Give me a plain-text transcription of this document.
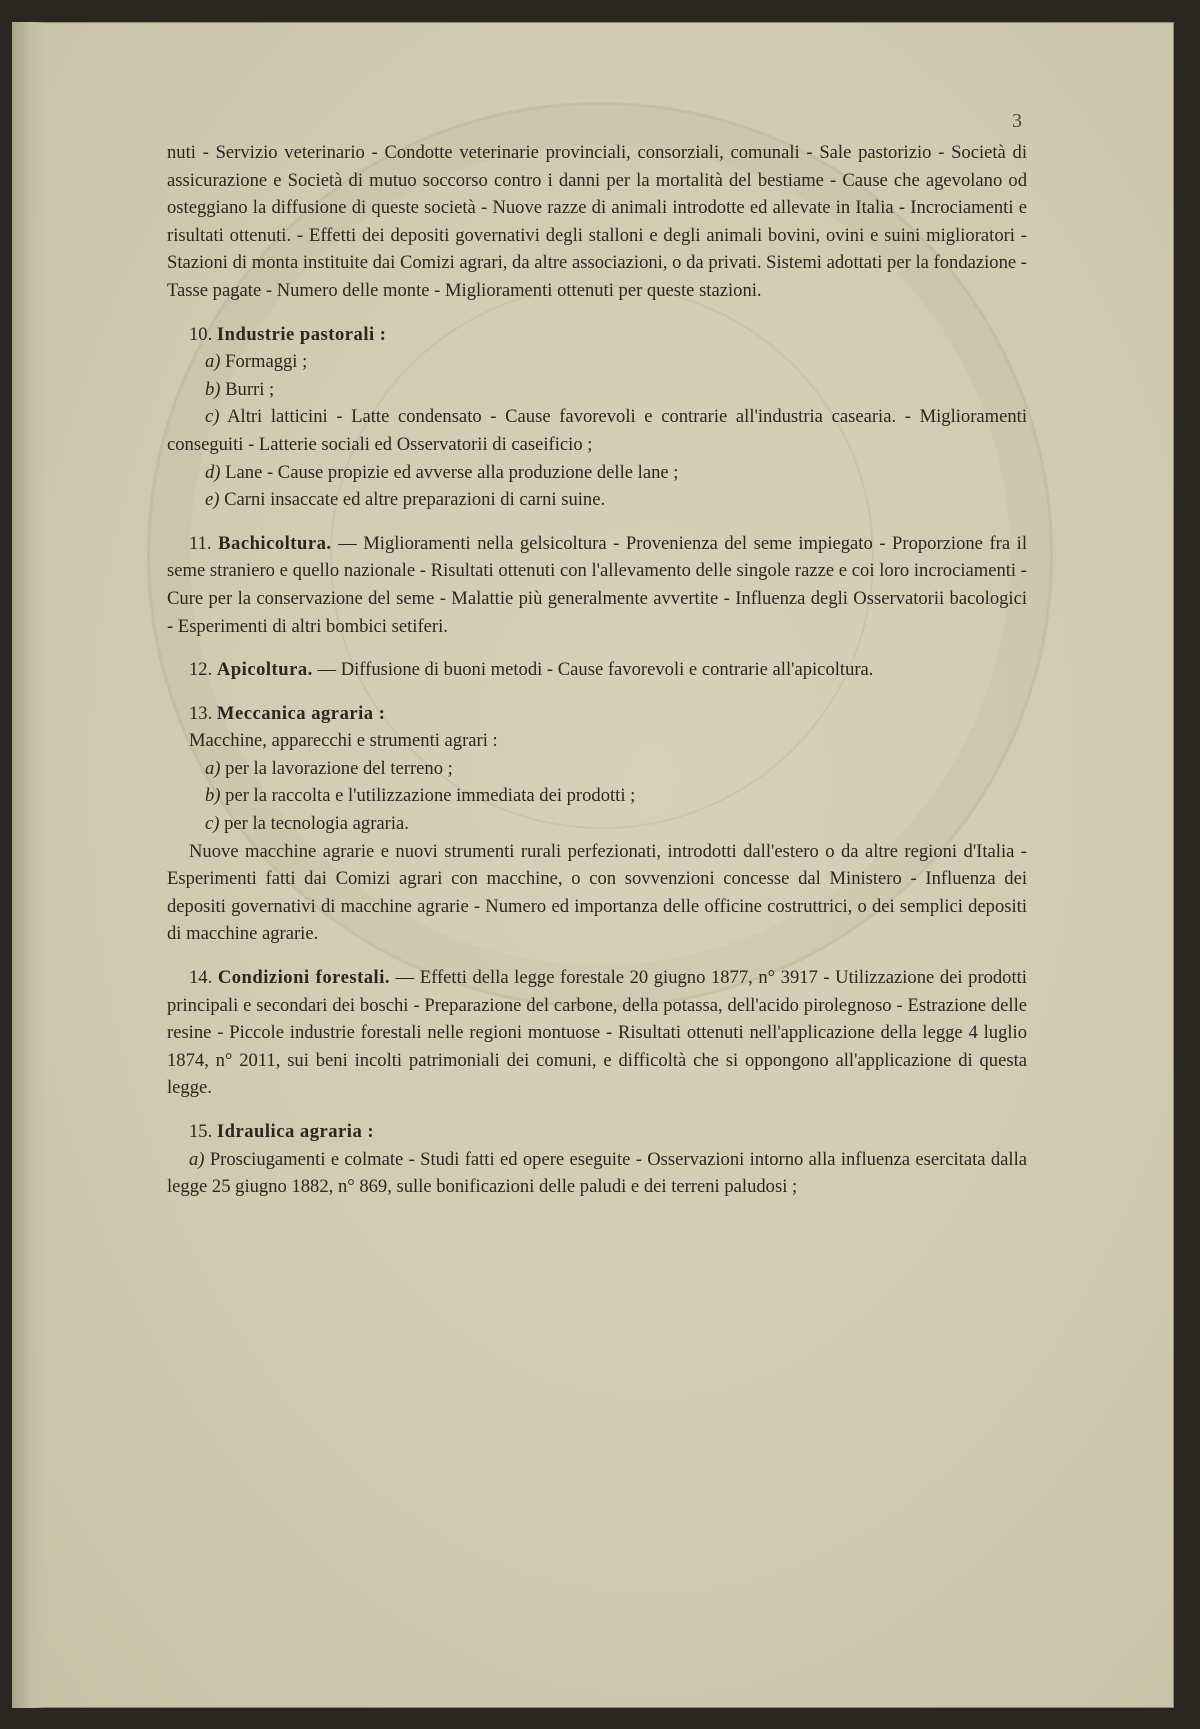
3

nuti - Servizio veterinario - Condotte veterinarie provinciali, consorziali, comunali - Sale pastorizio - Società di assicurazione e Società di mutuo soccorso contro i danni per la mortalità del bestiame - Cause che agevolano od osteggiano la diffusione di queste società - Nuove razze di animali introdotte ed allevate in Italia - Incrociamenti e risultati ottenuti. - Effetti dei depositi governativi degli stalloni e degli animali bovini, ovini e suini miglioratori - Stazioni di monta instituite dai Comizi agrari, da altre associazioni, o da privati. Sistemi adottati per la fondazione - Tasse pagate - Numero delle monte - Miglioramenti ottenuti per queste stazioni.

10. Industrie pastorali :

a) Formaggi ;

b) Burri ;

c) Altri latticini - Latte condensato - Cause favorevoli e contrarie all'industria casearia. - Miglioramenti conseguiti - Latterie sociali ed Osservatorii di caseificio ;

d) Lane - Cause propizie ed avverse alla produzione delle lane ;

e) Carni insaccate ed altre preparazioni di carni suine.

11. Bachicoltura. — Miglioramenti nella gelsicoltura - Provenienza del seme impiegato - Proporzione fra il seme straniero e quello nazionale - Risultati ottenuti con l'allevamento delle singole razze e coi loro incrociamenti - Cure per la conservazione del seme - Malattie più generalmente avvertite - Influenza degli Osservatorii bacologici - Esperimenti di altri bombici setiferi.

12. Apicoltura. — Diffusione di buoni metodi - Cause favorevoli e contrarie all'apicoltura.

13. Meccanica agraria :

Macchine, apparecchi e strumenti agrari :

a) per la lavorazione del terreno ;

b) per la raccolta e l'utilizzazione immediata dei prodotti ;

c) per la tecnologia agraria.

Nuove macchine agrarie e nuovi strumenti rurali perfezionati, introdotti dall'estero o da altre regioni d'Italia - Esperimenti fatti dai Comizi agrari con macchine, o con sovvenzioni concesse dal Ministero - Influenza dei depositi governativi di macchine agrarie - Numero ed importanza delle officine costruttrici, o dei semplici depositi di macchine agrarie.

14. Condizioni forestali. — Effetti della legge forestale 20 giugno 1877, n° 3917 - Utilizzazione dei prodotti principali e secondari dei boschi - Preparazione del carbone, della potassa, dell'acido pirolegnoso - Estrazione delle resine - Piccole industrie forestali nelle regioni montuose - Risultati ottenuti nell'applicazione della legge 4 luglio 1874, n° 2011, sui beni incolti patrimoniali dei comuni, e difficoltà che si oppongono all'applicazione di questa legge.

15. Idraulica agraria :

a) Prosciugamenti e colmate - Studi fatti ed opere eseguite - Osservazioni intorno alla influenza esercitata dalla legge 25 giugno 1882, n° 869, sulle bonificazioni delle paludi e dei terreni paludosi ;
